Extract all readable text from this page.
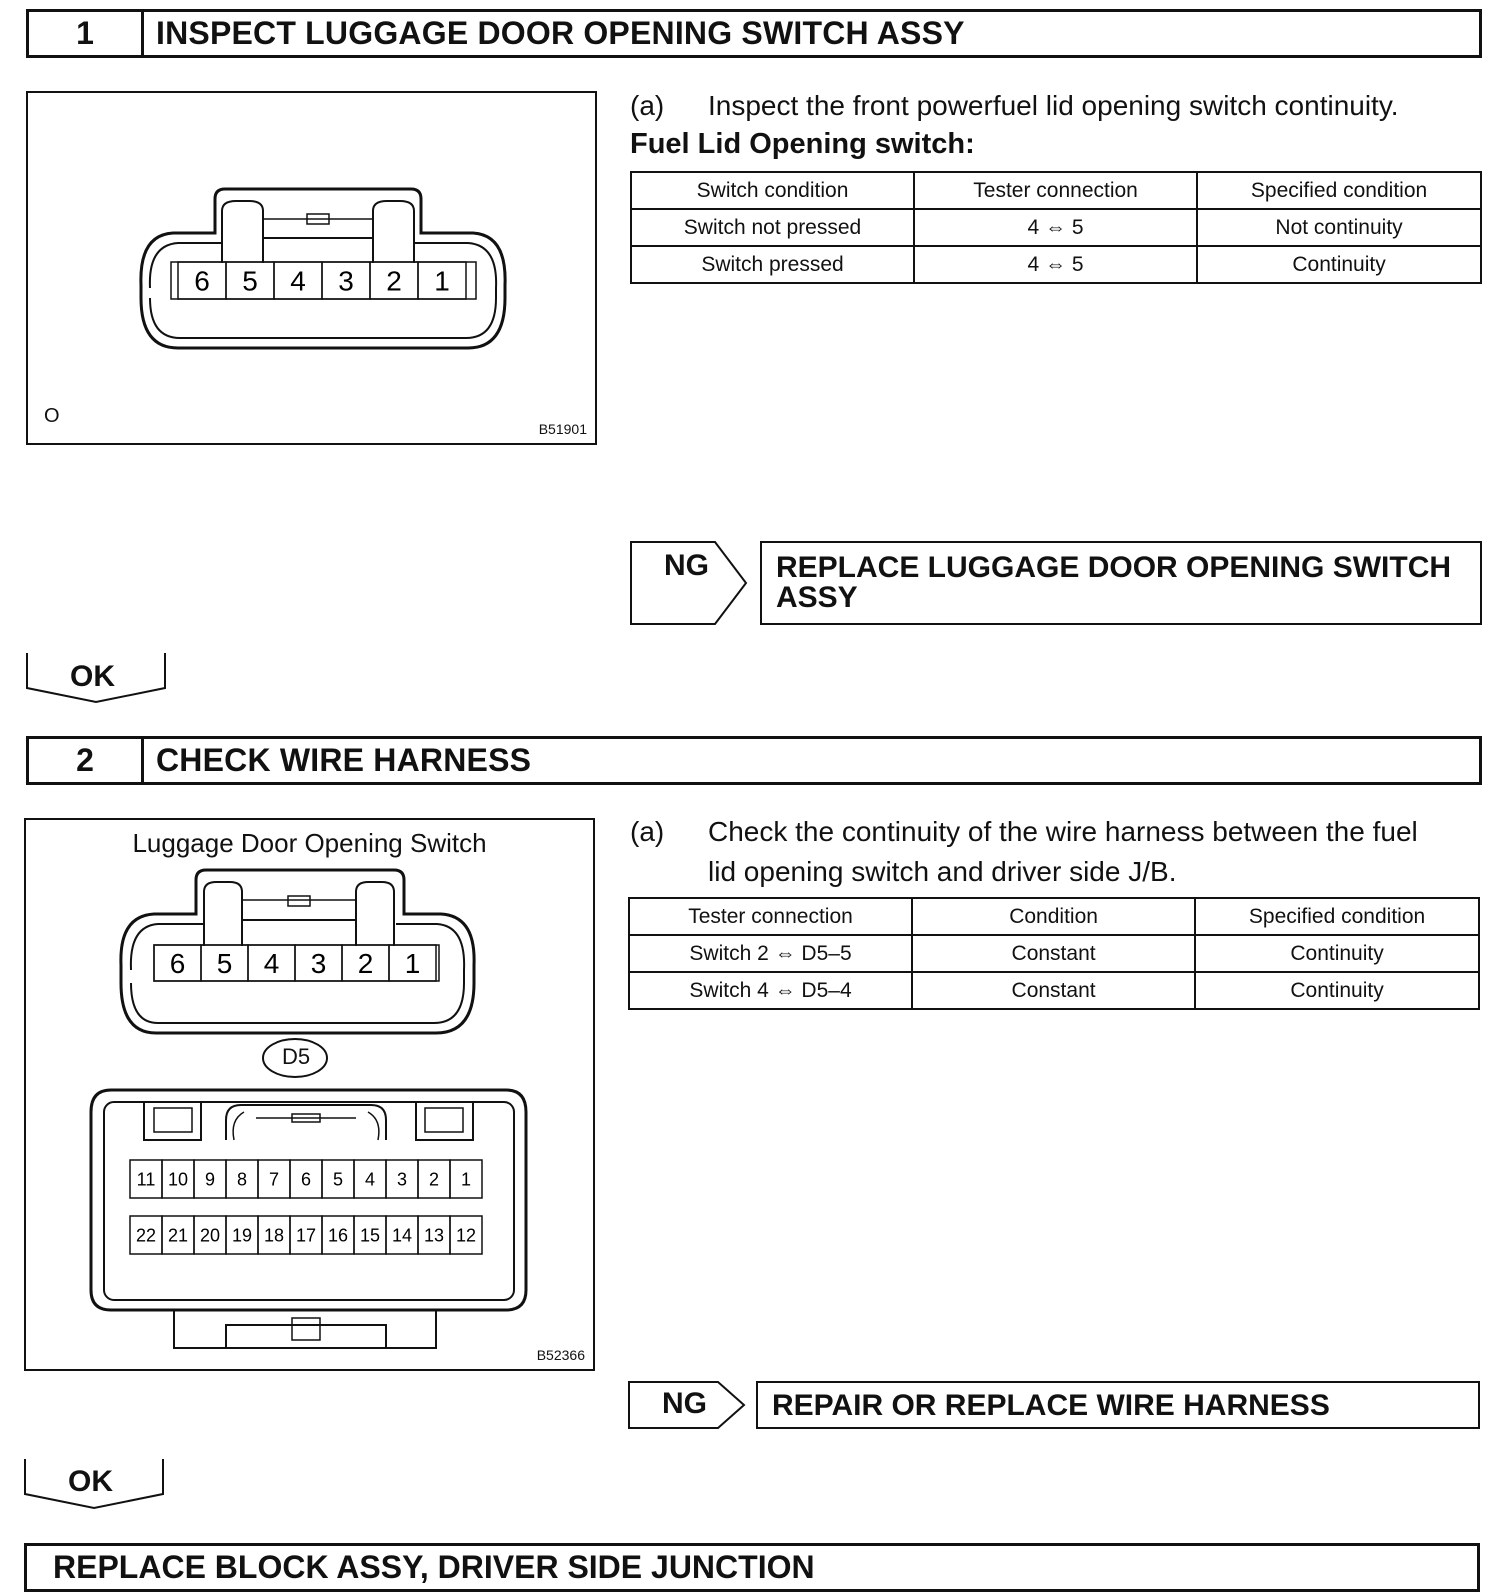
1	INSPECT LUGGAGE DOOR OPENING SWITCH ASSY
6 5 4 3 2 1
O
B51901
(a) Inspect the front powerfuel lid opening switch continuity.
Fuel Lid Opening switch:
Switch condition	Tester connection	Specified condition
Switch not pressed	4 ⇔ 5	Not continuity
Switch pressed	4 ⇔ 5	Continuity
NG REPLACE LUGGAGE DOOR OPENING SWITCH
ASSY
OK
2	CHECK WIRE HARNESS
Luggage Door Opening Switch
6 5 4 3 2 1
11 10 9 8 7 6 5 4 3 2 1
22 21 20 19 18 17 16 15 14 13 12
D5
B52366
(a) Check the continuity of the wire harness between the fuel
lid opening switch and driver side J/B.
Tester connection	Condition	Specified condition
Switch 2 ⇔ D5–5	Constant	Continuity
Switch 4 ⇔ D5–4	Constant	Continuity
NG	REPAIR OR REPLACE WIRE HARNESS
OK
REPLACE BLOCK ASSY, DRIVER SIDE JUNCTION
